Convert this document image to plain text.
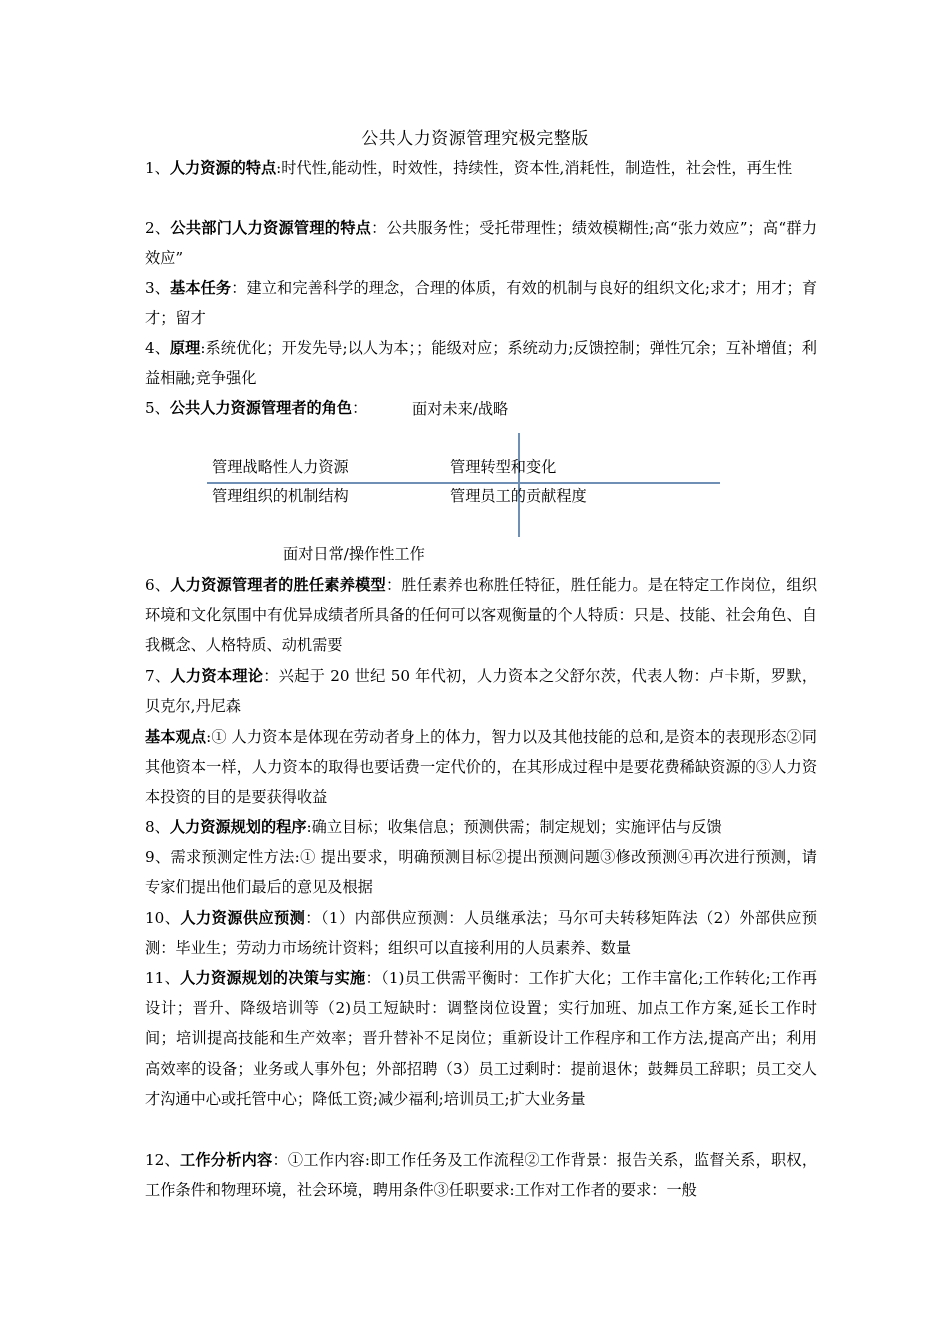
公共人力资源管理究极完整版
1、人力资源的特点:时代性,能动性，时效性，持续性，资本性,消耗性，制造性，社会性，再生性
2、公共部门人力资源管理的特点：公共服务性；受托带理性；绩效模糊性;高“张力效应”；高“群力效应”
3、基本任务：建立和完善科学的理念，合理的体质，有效的机制与良好的组织文化;求才；用才；育才；留才
4、原理:系统优化；开发先导;以人为本；；能级对应；系统动力;反馈控制；弹性冗余；互补增值；利益相融;竞争强化
5、公共人力资源管理者的角色：	面对未来/战略
管理战略性人力资源	管理转型和变化
管理组织的机制结构	管理员工的贡献程度
面对日常/操作性工作
6、人力资源管理者的胜任素养模型：胜任素养也称胜任特征，胜任能力。是在特定工作岗位，组织环境和文化氛围中有优异成绩者所具备的任何可以客观衡量的个人特质：只是、技能、社会角色、自我概念、人格特质、动机需要
7、人力资本理论：兴起于 20 世纪 50 年代初，人力资本之父舒尔茨，代表人物：卢卡斯，罗默，贝克尔,丹尼森
基本观点:① 人力资本是体现在劳动者身上的体力，智力以及其他技能的总和,是资本的表现形态②同其他资本一样，人力资本的取得也要话费一定代价的，在其形成过程中是要花费稀缺资源的③人力资本投资的目的是要获得收益
8、人力资源规划的程序:确立目标；收集信息；预测供需；制定规划；实施评估与反馈
9、需求预测定性方法:① 提出要求，明确预测目标②提出预测问题③修改预测④再次进行预测，请专家们提出他们最后的意见及根据
10、人力资源供应预测：（1）内部供应预测：人员继承法；马尔可夫转移矩阵法（2）外部供应预测：毕业生；劳动力市场统计资料；组织可以直接利用的人员素养、数量
11、人力资源规划的决策与实施：（1)员工供需平衡时：工作扩大化；工作丰富化;工作转化;工作再设计；晋升、降级培训等（2)员工短缺时：调整岗位设置；实行加班、加点工作方案,延长工作时间；培训提高技能和生产效率；晋升替补不足岗位；重新设计工作程序和工作方法,提高产出；利用高效率的设备；业务或人事外包；外部招聘（3）员工过剩时：提前退休；鼓舞员工辞职；员工交人才沟通中心或托管中心；降低工资;减少福利;培训员工;扩大业务量
12、工作分析内容：①工作内容:即工作任务及工作流程②工作背景：报告关系，监督关系，职权，工作条件和物理环境，社会环境，聘用条件③任职要求:工作对工作者的要求：一般
